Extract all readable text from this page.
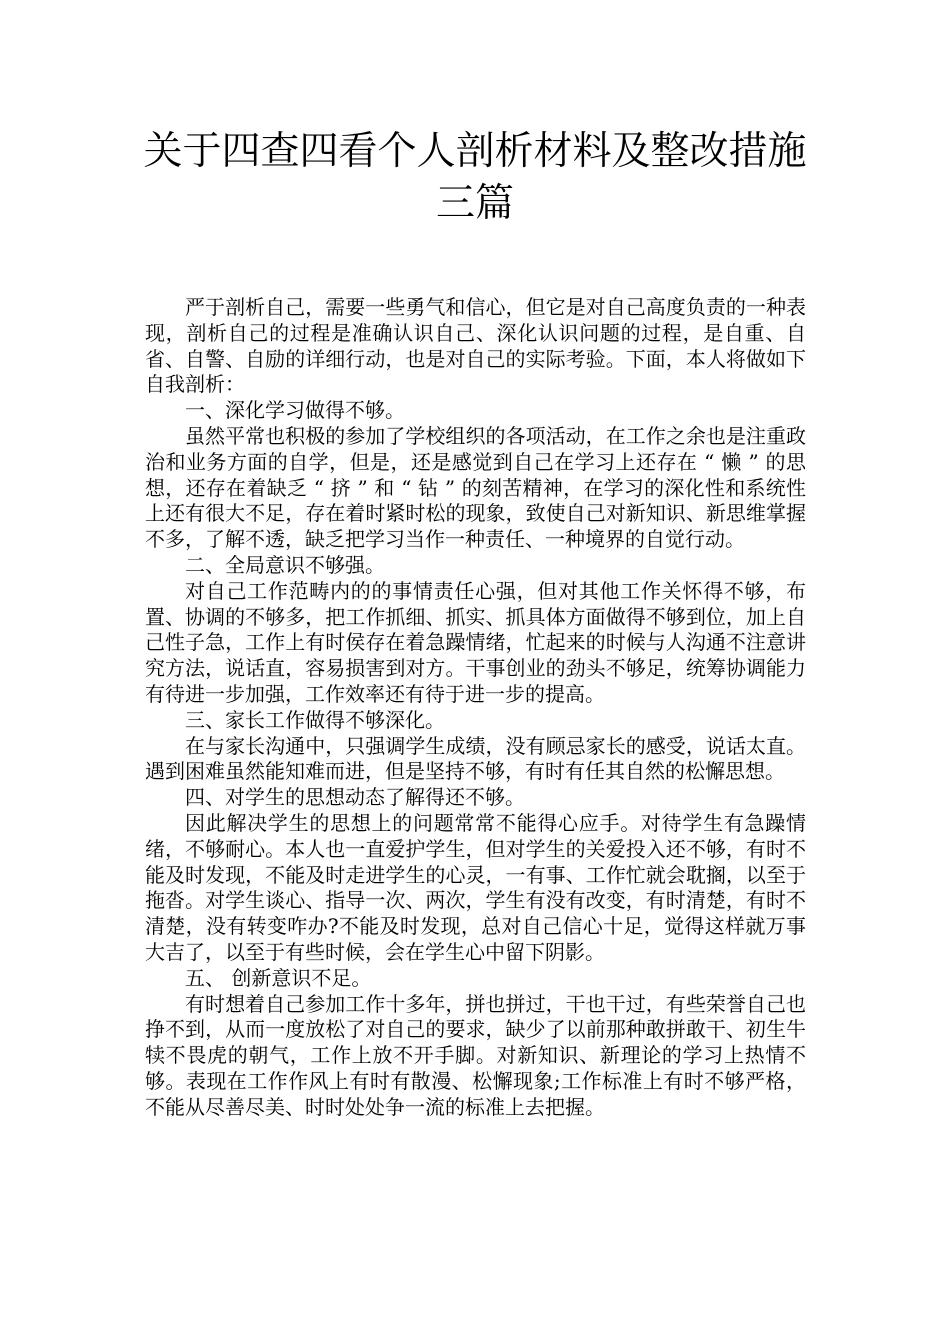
关于四查四看个人剖析材料及整改措施
三篇

严于剖析自己，需要一些勇气和信心，但它是对自己高度负责的一种表现，剖析自己的过程是准确认识自己、深化认识问题的过程，是自重、自省、自警、自励的详细行动，也是对自己的实际考验。下面，本人将做如下自我剖析：

一、深化学习做得不够。

虽然平常也积极的参加了学校组织的各项活动，在工作之余也是注重政治和业务方面的自学，但是，还是感觉到自己在学习上还存在 “ 懒 ” 的思想，还存在着缺乏 “ 挤 ” 和 “ 钻 ” 的刻苦精神，在学习的深化性和系统性上还有很大不足，存在着时紧时松的现象，致使自己对新知识、新思维掌握不多，了解不透，缺乏把学习当作一种责任、一种境界的自觉行动。

二、全局意识不够强。

对自己工作范畴内的的事情责任心强，但对其他工作关怀得不够，布置、协调的不够多，把工作抓细、抓实、抓具体方面做得不够到位，加上自己性子急，工作上有时侯存在着急躁情绪，忙起来的时候与人沟通不注意讲究方法，说话直，容易损害到对方。干事创业的劲头不够足，统筹协调能力有待进一步加强，工作效率还有待于进一步的提高。

三、家长工作做得不够深化。

在与家长沟通中，只强调学生成绩，没有顾忌家长的感受，说话太直。遇到困难虽然能知难而进，但是坚持不够，有时有任其自然的松懈思想。

四、对学生的思想动态了解得还不够。

因此解决学生的思想上的问题常常不能得心应手。对待学生有急躁情绪，不够耐心。本人也一直爱护学生，但对学生的关爱投入还不够，有时不能及时发现，不能及时走进学生的心灵，一有事、工作忙就会耽搁，以至于拖沓。对学生谈心、指导一次、两次，学生有没有改变，有时清楚，有时不清楚，没有转变咋办?不能及时发现，总对自己信心十足，觉得这样就万事大吉了，以至于有些时候，会在学生心中留下阴影。

五、 创新意识不足。

有时想着自己参加工作十多年，拼也拼过，干也干过，有些荣誉自己也挣不到，从而一度放松了对自己的要求，缺少了以前那种敢拼敢干、初生牛犊不畏虎的朝气，工作上放不开手脚。对新知识、新理论的学习上热情不够。表现在工作作风上有时有散漫、松懈现象;工作标准上有时不够严格，不能从尽善尽美、时时处处争一流的标准上去把握。
